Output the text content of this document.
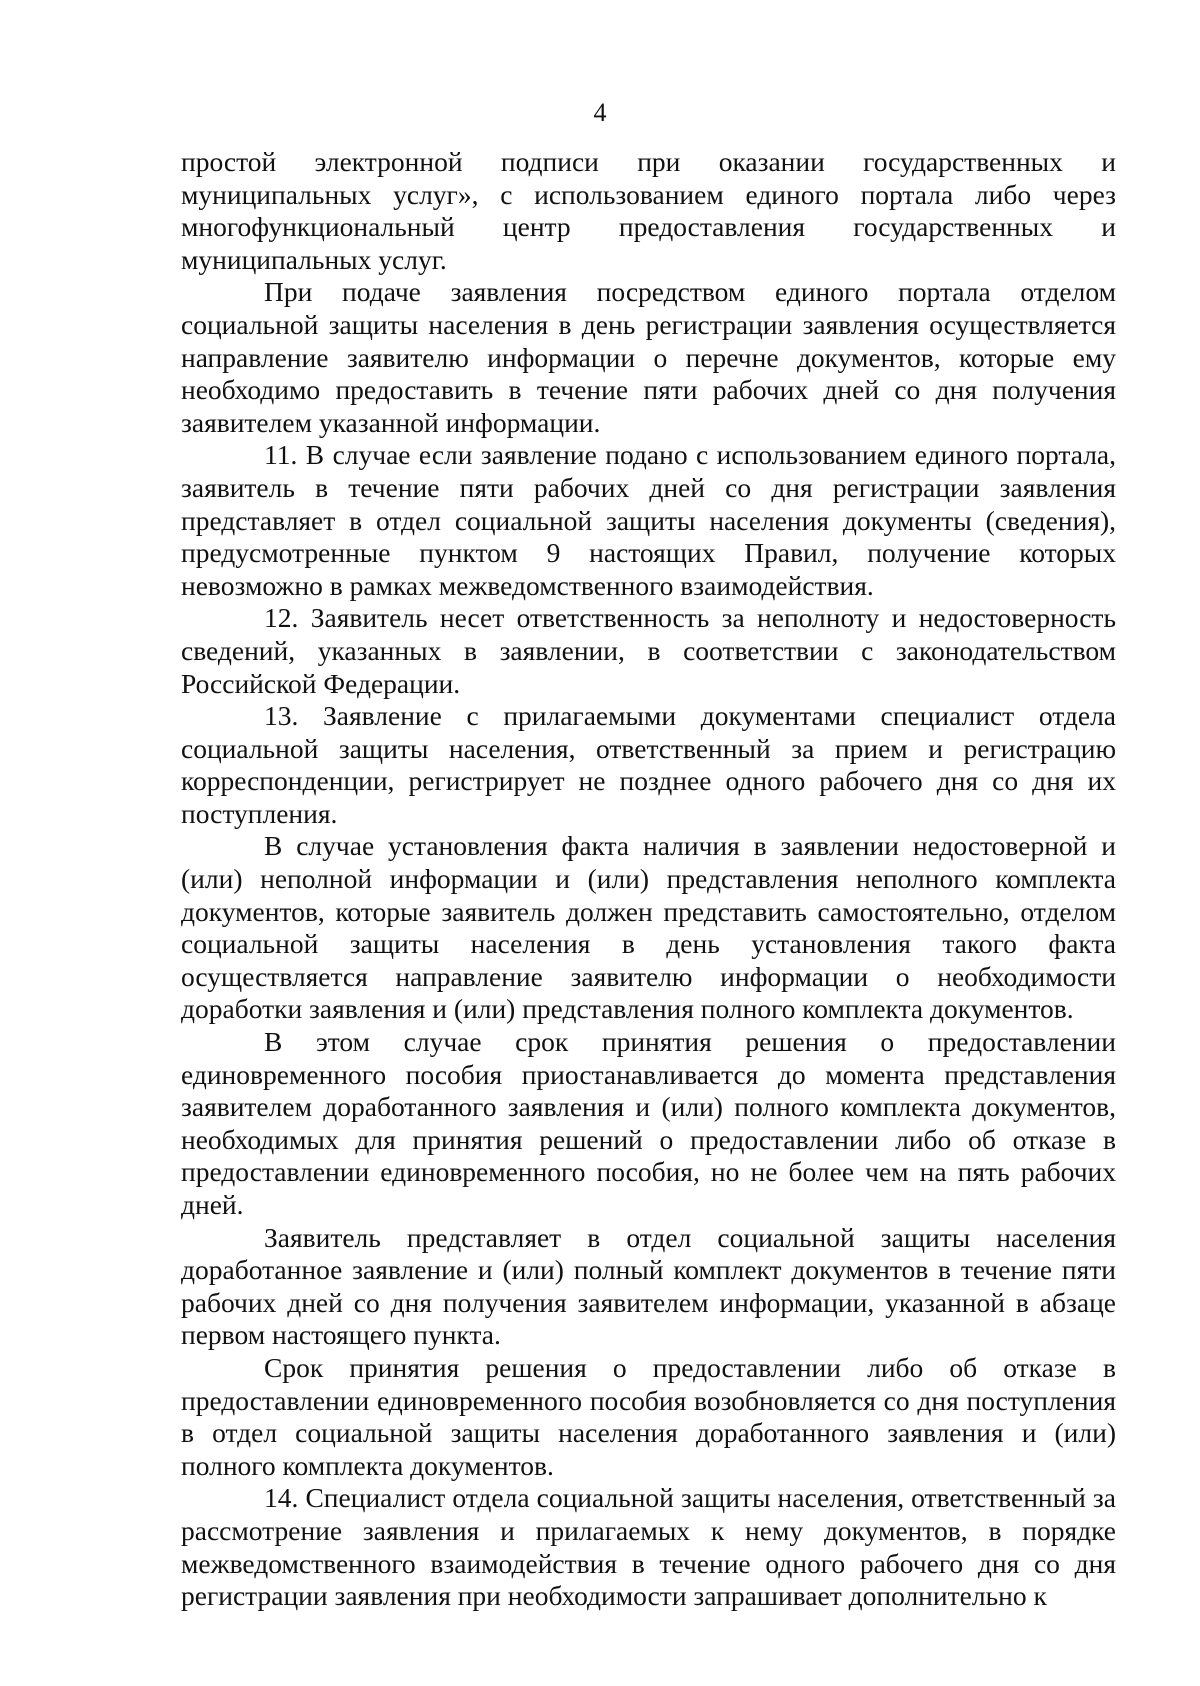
4
простой электронной подписи при оказании государственных и
муниципальных услуг», с использованием единого портала либо через
многофункциональный центр предоставления государственных и
муниципальных услуг.

При подаче заявления посредством единого портала отделом социальной защиты населения в день регистрации заявления осуществляется направление заявителю информации о перечне документов, которые ему необходимо предоставить в течение пяти рабочих дней со дня получения заявителем указанной информации.

11. В случае если заявление подано с использованием единого портала, заявитель в течение пяти рабочих дней со дня регистрации заявления представляет в отдел социальной защиты населения документы (сведения), предусмотренные пунктом 9 настоящих Правил, получение которых невозможно в рамках межведомственного взаимодействия.

12. Заявитель несет ответственность за неполноту и недостоверность сведений, указанных в заявлении, в соответствии с законодательством Российской Федерации.

13. Заявление с прилагаемыми документами специалист отдела социальной защиты населения, ответственный за прием и регистрацию корреспонденции, регистрирует не позднее одного рабочего дня со дня их поступления.

В случае установления факта наличия в заявлении недостоверной и (или) неполной информации и (или) представления неполного комплекта документов, которые заявитель должен представить самостоятельно, отделом социальной защиты населения в день установления такого факта осуществляется направление заявителю информации о необходимости доработки заявления и (или) представления полного комплекта документов.

В этом случае срок принятия решения о предоставлении единовременного пособия приостанавливается до момента представления заявителем доработанного заявления и (или) полного комплекта документов, необходимых для принятия решений о предоставлении либо об отказе в предоставлении единовременного пособия, но не более чем на пять рабочих дней.

Заявитель представляет в отдел социальной защиты населения доработанное заявление и (или) полный комплект документов в течение пяти рабочих дней со дня получения заявителем информации, указанной в абзаце первом настоящего пункта.

Срок принятия решения о предоставлении либо об отказе в предоставлении единовременного пособия возобновляется со дня поступления в отдел социальной защиты населения доработанного заявления и (или) полного комплекта документов.

14. Специалист отдела социальной защиты населения, ответственный за рассмотрение заявления и прилагаемых к нему документов, в порядке межведомственного взаимодействия в течение одного рабочего дня со дня регистрации заявления при необходимости запрашивает дополнительно к
